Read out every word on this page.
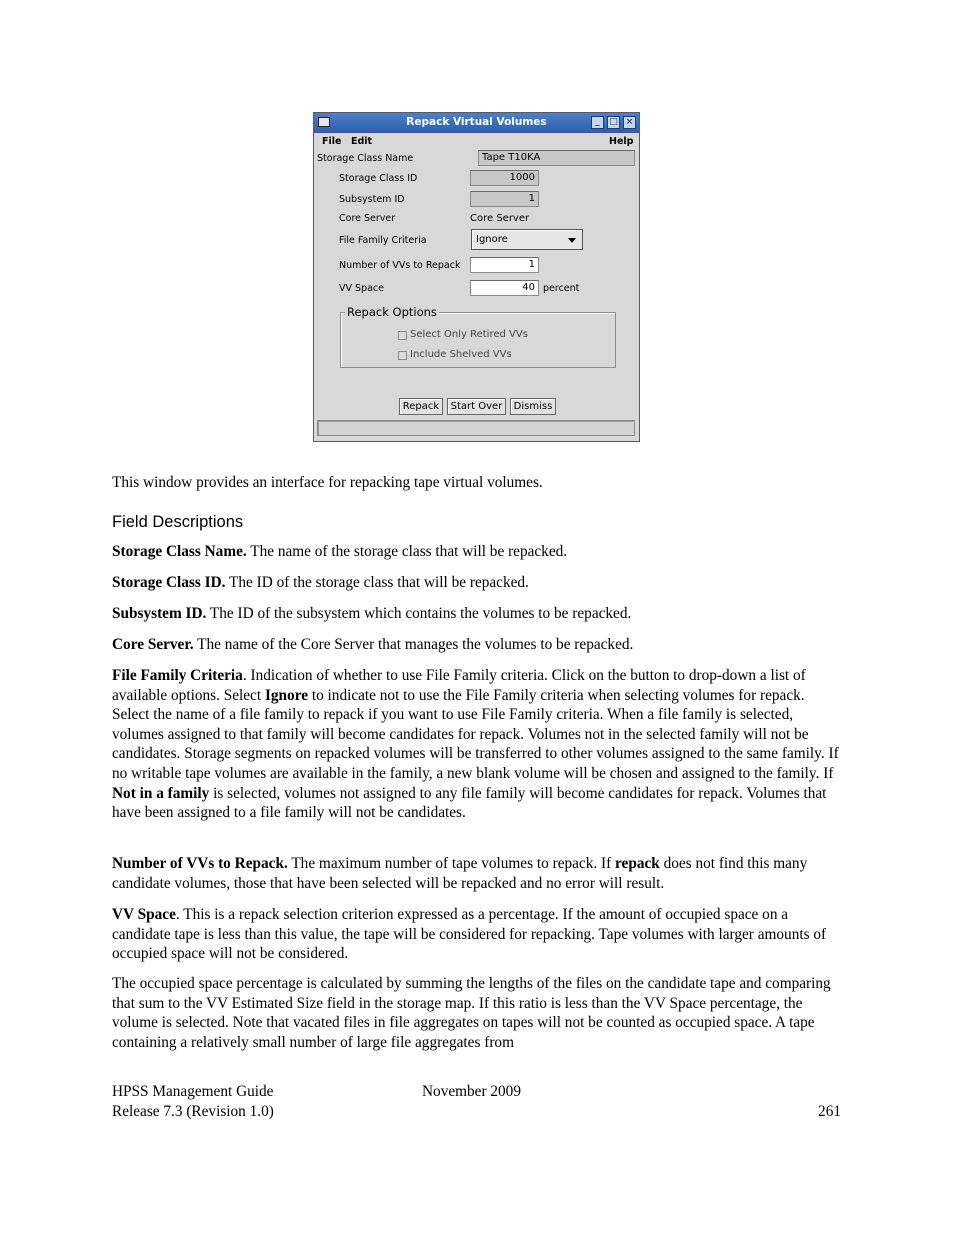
Repack Virtual Volumes	_	□ ×
File Edit	Help
Storage Class Name	Tape T10KA
Storage Class ID	1000
Subsystem ID	1
Core Server	Core Server
File Family Criteria	Ignore
Number of VVs to Repack	1
VV Space	40 percent
Repack Options
Select Only Retired VVs
Include Shelved VVs
Repack	Start Over	Dismiss

This window provides an interface for repacking tape virtual volumes.

Field Descriptions

Storage Class Name. The name of the storage class that will be repacked.

Storage Class ID. The ID of the storage class that will be repacked.

Subsystem ID. The ID of the subsystem which contains the volumes to be repacked.

Core Server. The name of the Core Server that manages the volumes to be repacked.

File Family Criteria. Indication of whether to use File Family criteria. Click on the button to drop-down a list of available options. Select Ignore to indicate not to use the File Family criteria when selecting volumes for repack. Select the name of a file family to repack if you want to use File Family criteria. When a file family is selected, volumes assigned to that family will become candidates for repack. Volumes not in the selected family will not be candidates. Storage segments on repacked volumes will be transferred to other volumes assigned to the same family. If no writable tape volumes are available in the family, a new blank volume will be chosen and assigned to the family. If Not in a family is selected, volumes not assigned to any file family will become candidates for repack. Volumes that have been assigned to a file family will not be candidates.

Number of VVs to Repack. The maximum number of tape volumes to repack. If repack does not find this many candidate volumes, those that have been selected will be repacked and no error will result.

VV Space. This is a repack selection criterion expressed as a percentage. If the amount of occupied space on a candidate tape is less than this value, the tape will be considered for repacking. Tape volumes with larger amounts of occupied space will not be considered.

The occupied space percentage is calculated by summing the lengths of the files on the candidate tape and comparing that sum to the VV Estimated Size field in the storage map. If this ratio is less than the VV Space percentage, the volume is selected. Note that vacated files in file aggregates on tapes will not be counted as occupied space. A tape containing a relatively small number of large file aggregates from

HPSS Management Guide	November 2009
Release 7.3 (Revision 1.0)	261
